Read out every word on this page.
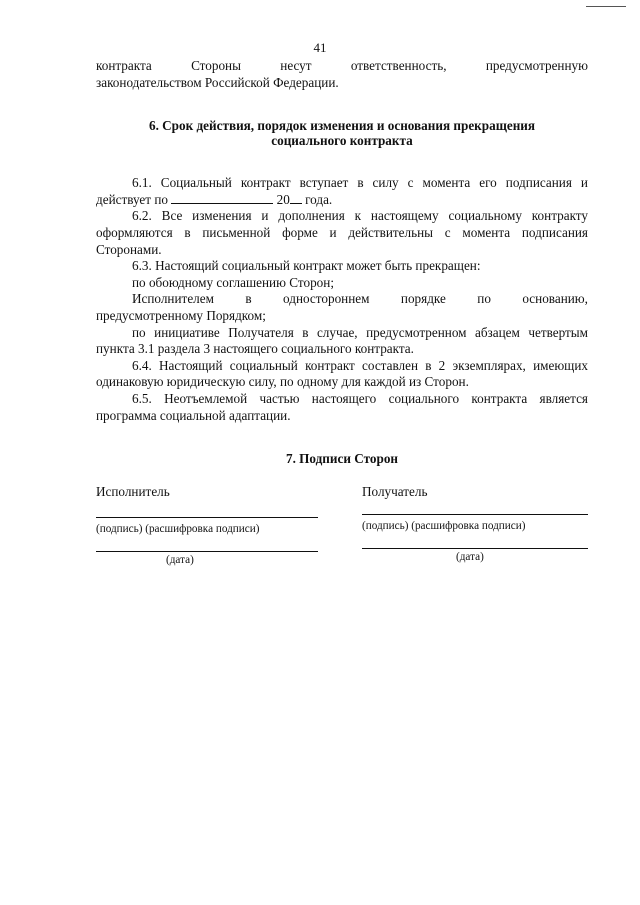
41
контракта	Стороны	несут	ответственность,	предусмотренную

законодательством Российской Федерации.

6. Срок действия, порядок изменения и основания прекращения

социального контракта

6.1. Социальный контракт вступает в силу с момента его подписания и

действует по	20 года.

6.2. Все изменения и дополнения к настоящему социальному контракту оформляются в письменной форме и действительны с момента подписания Сторонами.

6.3. Настоящий социальный контракт может быть прекращен:

по обоюдному соглашению Сторон;

Исполнителем в одностороннем порядке по основанию,

предусмотренному Порядком;

по инициативе Получателя в случае, предусмотренном абзацем четвертым пункта 3.1 раздела 3 настоящего социального контракта.

6.4. Настоящий социальный контракт составлен в 2 экземплярах, имеющих одинаковую юридическую силу, по одному для каждой из Сторон.

6.5. Неотъемлемой частью настоящего социального контракта является программа социальной адаптации.

7. Подписи Сторон

Исполнитель
(подпись) (расшифровка подписи)
(дата)
Получатель
(подпись) (расшифровка подписи)
(дата)
